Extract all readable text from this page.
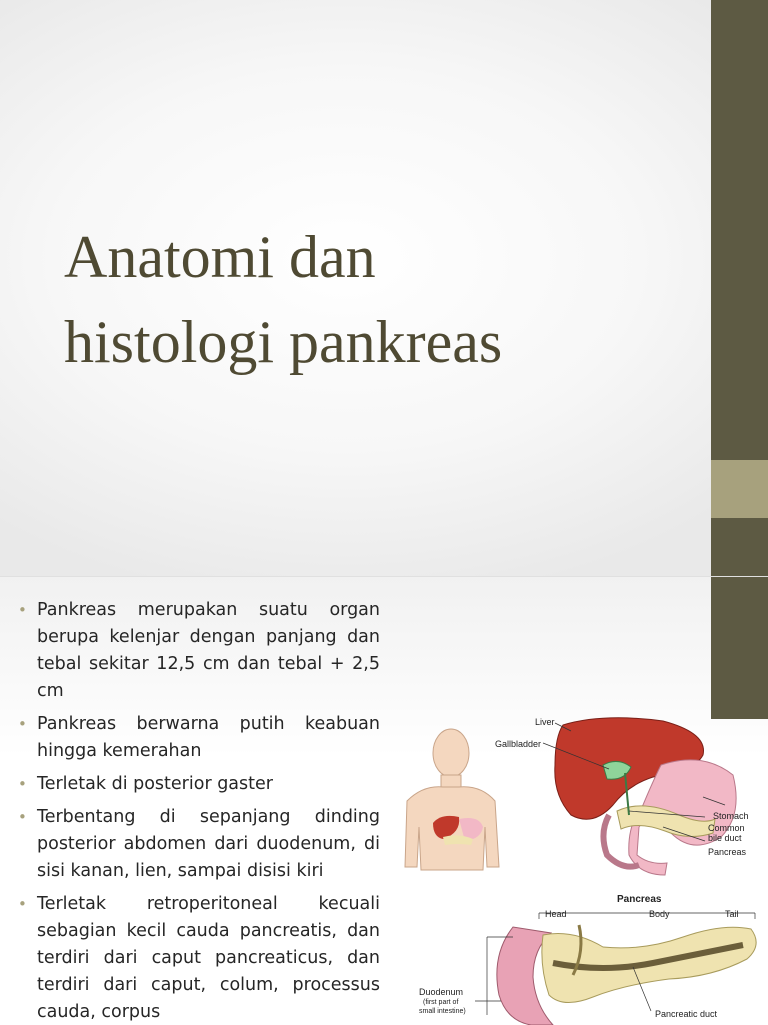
Anatomi dan
histologi pankreas
• Pankreas merupakan suatu organ berupa kelenjar dengan panjang dan tebal sekitar 12,5 cm dan tebal + 2,5 cm
• Pankreas berwarna putih keabuan hingga kemerahan
• Terletak di posterior gaster
• Terbentang di sepanjang dinding posterior abdomen dari duodenum, di sisi kanan, lien, sampai disisi kiri
• Terletak retroperitoneal kecuali sebagian kecil cauda pancreatis, dan terdiri dari caput pancreaticus, dan terdiri dari caput, colum, processus cauda, corpus
Liver
Gallbladder
Stomach
Common
bile duct
Pancreas
Pancreas
Head	Body	Tail
Duodenum
(first part of
small intestine)	Pancreatic duct
